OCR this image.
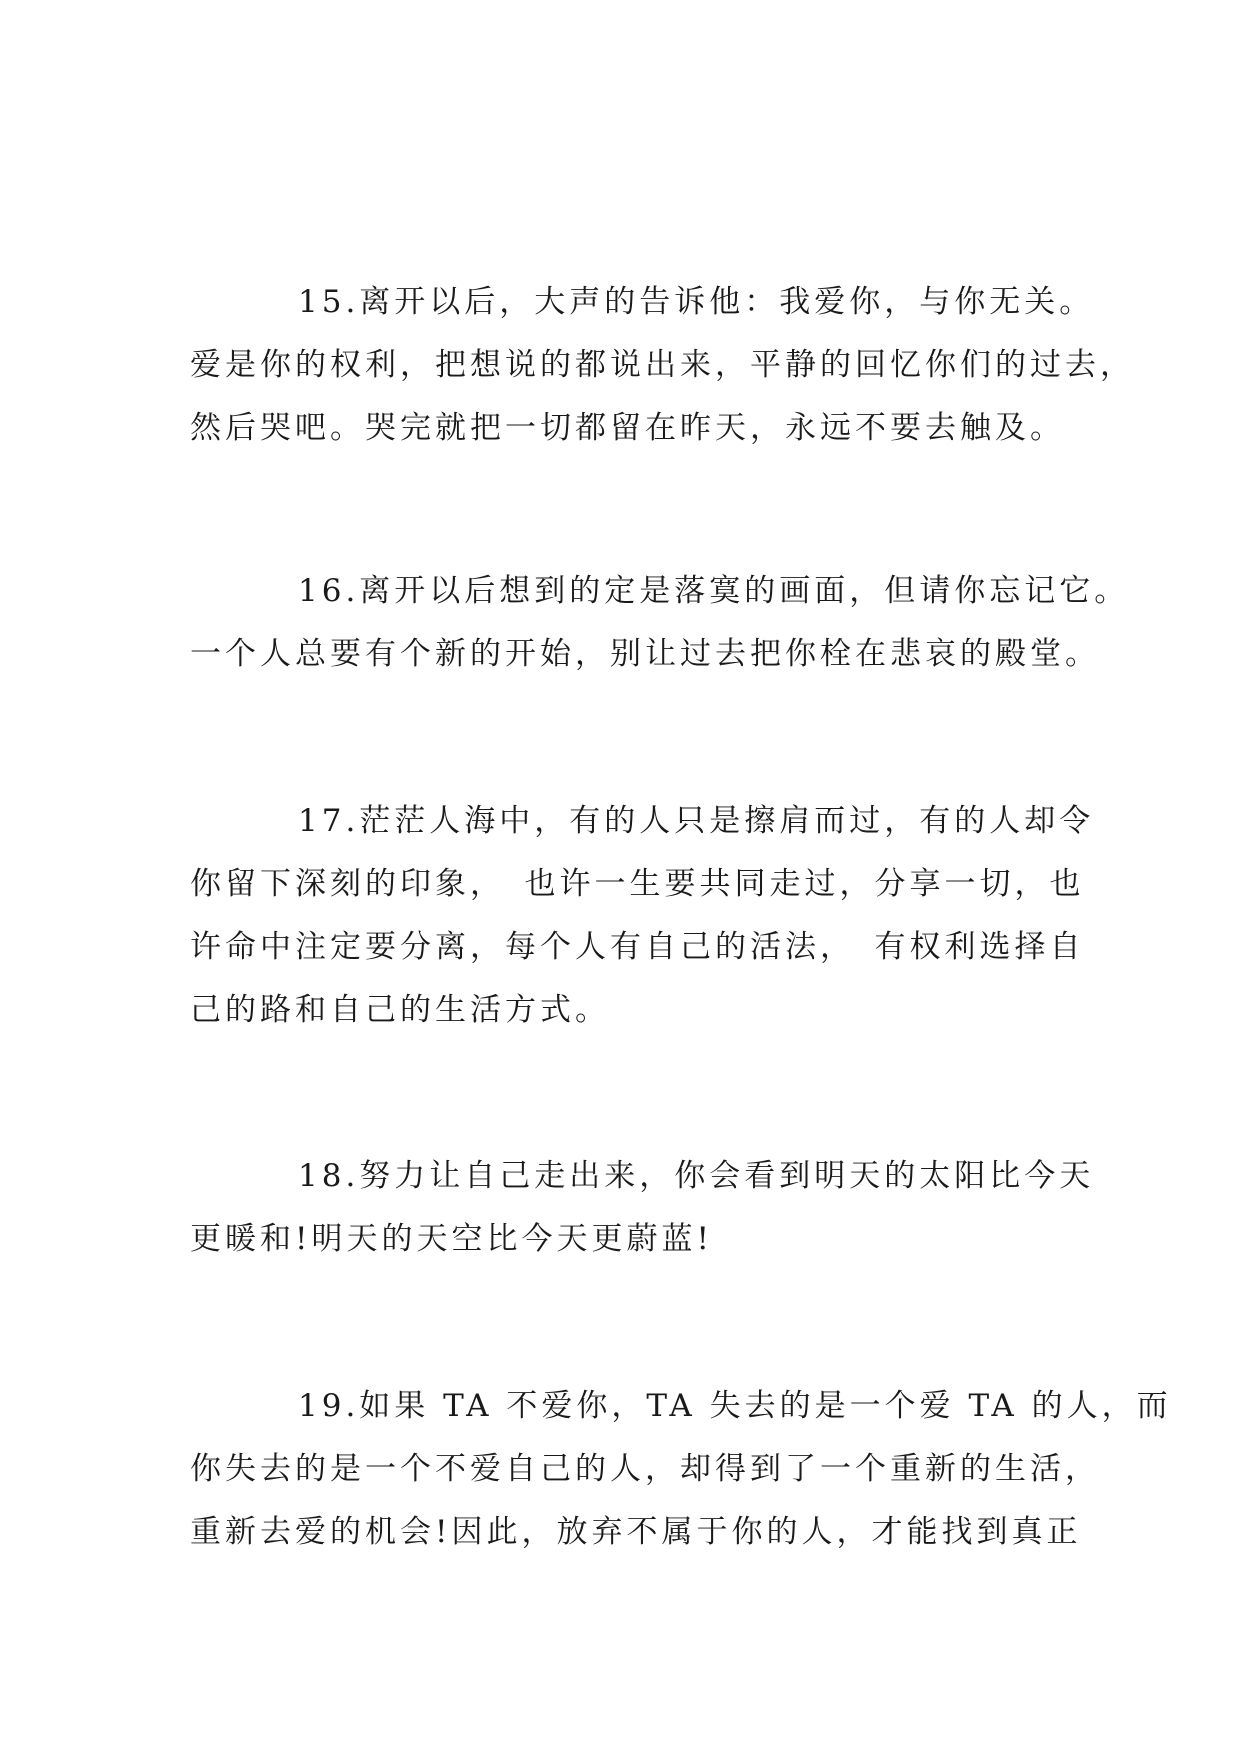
15.离开以后，大声的告诉他：我爱你，与你无关。
爱是你的权利，把想说的都说出来，平静的回忆你们的过去，
然后哭吧。哭完就把一切都留在昨天，永远不要去触及。
16.离开以后想到的定是落寞的画面，但请你忘记它。
一个人总要有个新的开始，别让过去把你栓在悲哀的殿堂。
17.茫茫人海中，有的人只是擦肩而过，有的人却令
你留下深刻的印象，　也许一生要共同走过，分享一切，也
许命中注定要分离，每个人有自己的活法，　有权利选择自
己的路和自己的生活方式。
18.努力让自己走出来，你会看到明天的太阳比今天
更暖和!明天的天空比今天更蔚蓝!
19.如果 TA 不爱你，TA 失去的是一个爱 TA 的人，而
你失去的是一个不爱自己的人，却得到了一个重新的生活，
重新去爱的机会!因此，放弃不属于你的人，才能找到真正
